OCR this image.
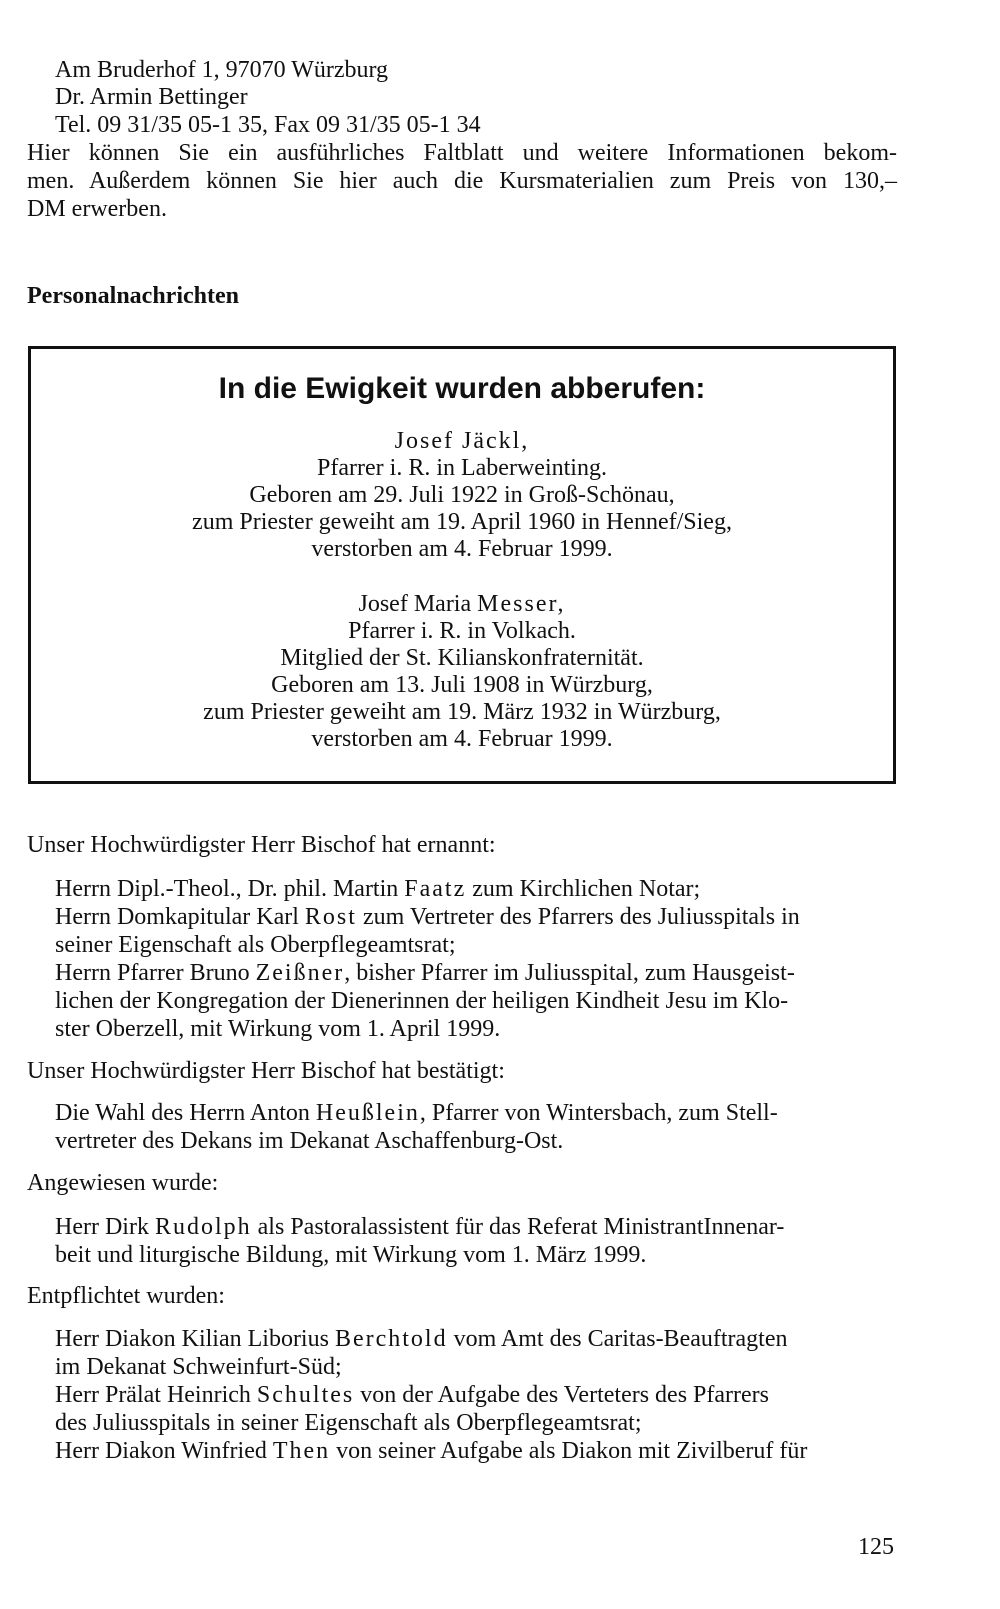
Am Bruderhof 1, 97070 Würzburg
Dr. Armin Bettinger
Tel. 09 31/35 05-1 35, Fax 09 31/35 05-1 34
Hier können Sie ein ausführliches Faltblatt und weitere Informationen bekom-
men. Außerdem können Sie hier auch die Kursmaterialien zum Preis von 130,–
DM erwerben.
Personalnachrichten
In die Ewigkeit wurden abberufen:
Josef Jäckl,
Pfarrer i. R. in Laberweinting.
Geboren am 29. Juli 1922 in Groß-Schönau,
zum Priester geweiht am 19. April 1960 in Hennef/Sieg,
verstorben am 4. Februar 1999.
Josef Maria Messer,
Pfarrer i. R. in Volkach.
Mitglied der St. Kilianskonfraternität.
Geboren am 13. Juli 1908 in Würzburg,
zum Priester geweiht am 19. März 1932 in Würzburg,
verstorben am 4. Februar 1999.
Unser Hochwürdigster Herr Bischof hat ernannt:
Herrn Dipl.-Theol., Dr. phil. Martin Faatz zum Kirchlichen Notar;
Herrn Domkapitular Karl Rost zum Vertreter des Pfarrers des Juliusspitals in
seiner Eigenschaft als Oberpflegeamtsrat;
Herrn Pfarrer Bruno Zeißner, bisher Pfarrer im Juliusspital, zum Hausgeist-
lichen der Kongregation der Dienerinnen der heiligen Kindheit Jesu im Klo-
ster Oberzell, mit Wirkung vom 1. April 1999.
Unser Hochwürdigster Herr Bischof hat bestätigt:
Die Wahl des Herrn Anton Heußlein, Pfarrer von Wintersbach, zum Stell-
vertreter des Dekans im Dekanat Aschaffenburg-Ost.
Angewiesen wurde:
Herr Dirk Rudolph als Pastoralassistent für das Referat MinistrantInnenar-
beit und liturgische Bildung, mit Wirkung vom 1. März 1999.
Entpflichtet wurden:
Herr Diakon Kilian Liborius Berchtold vom Amt des Caritas-Beauftragten
im Dekanat Schweinfurt-Süd;
Herr Prälat Heinrich Schultes von der Aufgabe des Verteters des Pfarrers
des Juliusspitals in seiner Eigenschaft als Oberpflegeamtsrat;
Herr Diakon Winfried Then von seiner Aufgabe als Diakon mit Zivilberuf für
125
